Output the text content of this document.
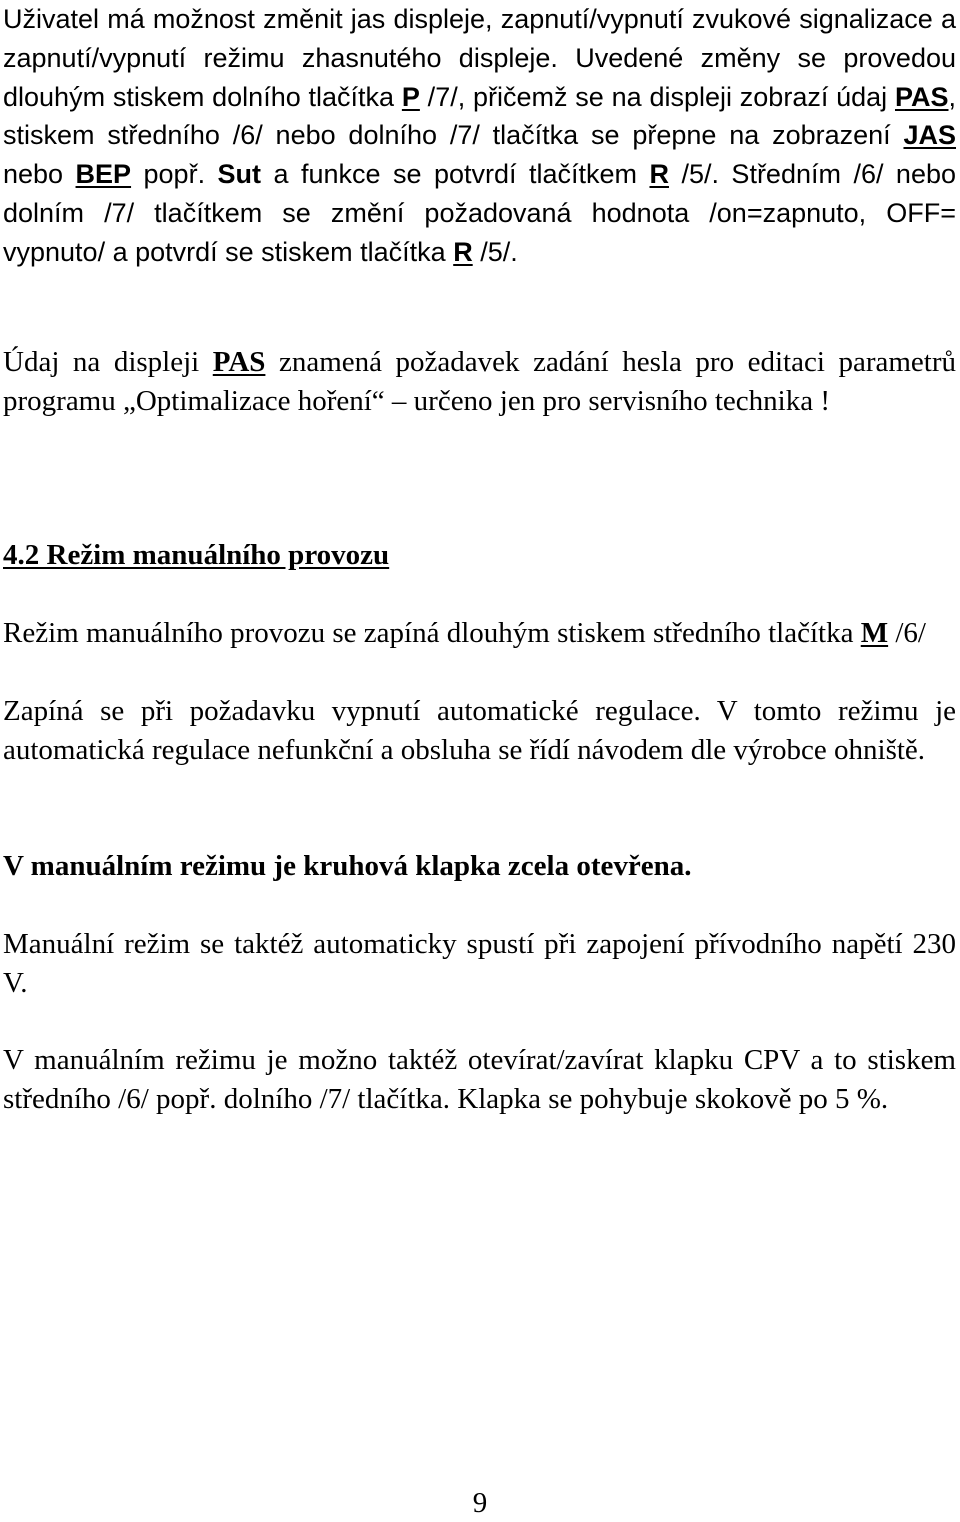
Uživatel má možnost změnit jas displeje, zapnutí/vypnutí zvukové signalizace a zapnutí/vypnutí režimu zhasnutého displeje. Uvedené změny se provedou dlouhým stiskem dolního tlačítka P /7/, přičemž se na displeji zobrazí údaj PAS, stiskem středního /6/ nebo dolního /7/ tlačítka se přepne na zobrazení JAS nebo BEP popř. Sut a funkce se potvrdí tlačítkem R /5/. Středním /6/ nebo dolním /7/ tlačítkem se změní požadovaná hodnota /on=zapnuto, OFF= vypnuto/ a potvrdí se stiskem tlačítka R /5/.

Údaj na displeji PAS znamená požadavek zadání hesla pro editaci parametrů programu „Optimalizace hoření“ – určeno jen pro servisního technika !

4.2 Režim manuálního provozu

Režim manuálního provozu se zapíná dlouhým stiskem středního tlačítka M /6/

Zapíná se při požadavku vypnutí automatické regulace. V tomto režimu je automatická regulace nefunkční a obsluha se řídí návodem dle výrobce ohniště.

V manuálním režimu je kruhová klapka zcela otevřena.

Manuální režim se taktéž automaticky spustí při zapojení přívodního napětí 230 V.

V manuálním režimu je možno taktéž otevírat/zavírat klapku CPV a to stiskem středního /6/ popř. dolního /7/ tlačítka. Klapka se pohybuje skokově po 5 %.

9
